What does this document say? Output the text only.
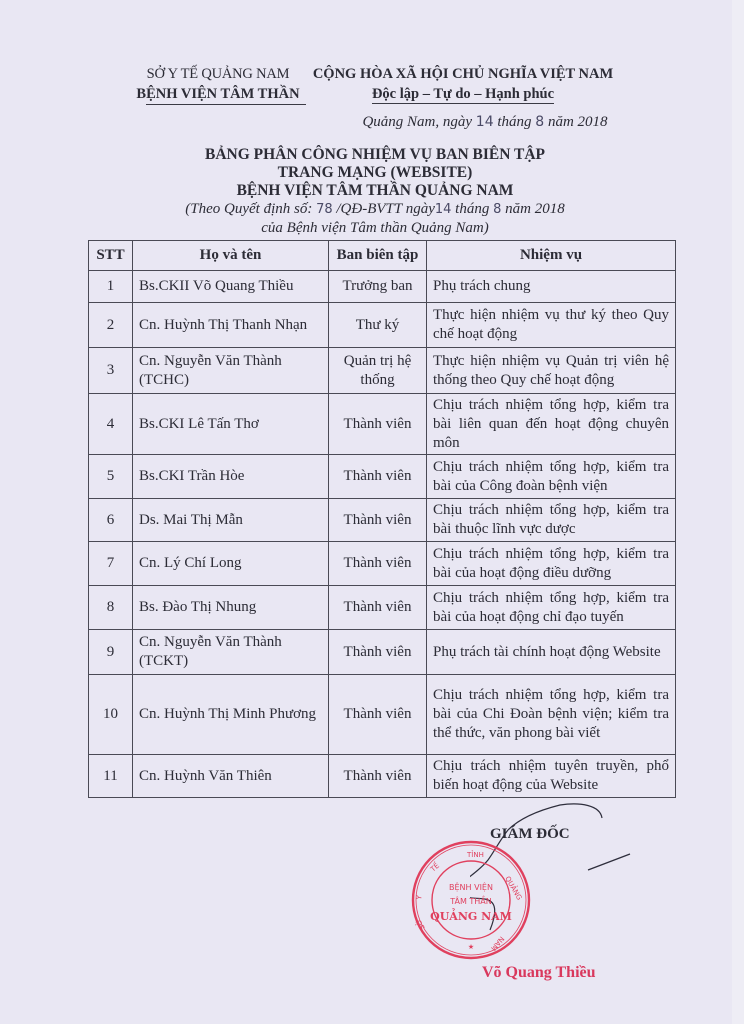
SỞ Y TẾ QUẢNG NAM
BỆNH VIỆN TÂM THẦN
CỘNG HÒA XÃ HỘI CHỦ NGHĨA VIỆT NAM
Độc lập – Tự do – Hạnh phúc
Quảng Nam, ngày 14 tháng 8 năm 2018
BẢNG PHÂN CÔNG NHIỆM VỤ BAN BIÊN TẬP
TRANG MẠNG (WEBSITE)
BỆNH VIỆN TÂM THẦN QUẢNG NAM
(Theo Quyết định số: 78 /QĐ-BVTT ngày14 tháng 8 năm 2018
của Bệnh viện Tâm thần Quảng Nam)
STT	Họ và tên	Ban biên tập	Nhiệm vụ
1	Bs.CKII Võ Quang Thiều	Trưởng ban	Phụ trách chung
2	Cn. Huỳnh Thị Thanh Nhạn	Thư ký	Thực hiện nhiệm vụ thư ký theo Quy chế hoạt động
3	Cn. Nguyễn Văn Thành (TCHC)	Quản trị hệ thống	Thực hiện nhiệm vụ Quản trị viên hệ thống theo Quy chế hoạt động
4	Bs.CKI Lê Tấn Thơ	Thành viên	Chịu trách nhiệm tổng hợp, kiểm tra bài liên quan đến hoạt động chuyên môn
5	Bs.CKI Trần Hòe	Thành viên	Chịu trách nhiệm tổng hợp, kiểm tra bài của Công đoàn bệnh viện
6	Ds. Mai Thị Mẫn	Thành viên	Chịu trách nhiệm tổng hợp, kiểm tra bài thuộc lĩnh vực dược
7	Cn. Lý Chí Long	Thành viên	Chịu trách nhiệm tổng hợp, kiểm tra bài của hoạt động điều dưỡng
8	Bs. Đào Thị Nhung	Thành viên	Chịu trách nhiệm tổng hợp, kiểm tra bài của hoạt động chỉ đạo tuyến
9	Cn. Nguyễn Văn Thành (TCKT)	Thành viên	Phụ trách tài chính hoạt động Website
10	Cn. Huỳnh Thị Minh Phương	Thành viên	Chịu trách nhiệm tổng hợp, kiểm tra bài của Chi Đoàn bệnh viện; kiểm tra thể thức, văn phong bài viết
11	Cn. Huỳnh Văn Thiên	Thành viên	Chịu trách nhiệm tuyên truyền, phổ biến hoạt động của Website
GIÁM ĐỐC
TỈNH
TẾ
Y	QUẢNG
SỞ
NAM
★
BỆNH VIỆN
TÂM THẦN
QUẢNG NAM
Võ Quang Thiều
